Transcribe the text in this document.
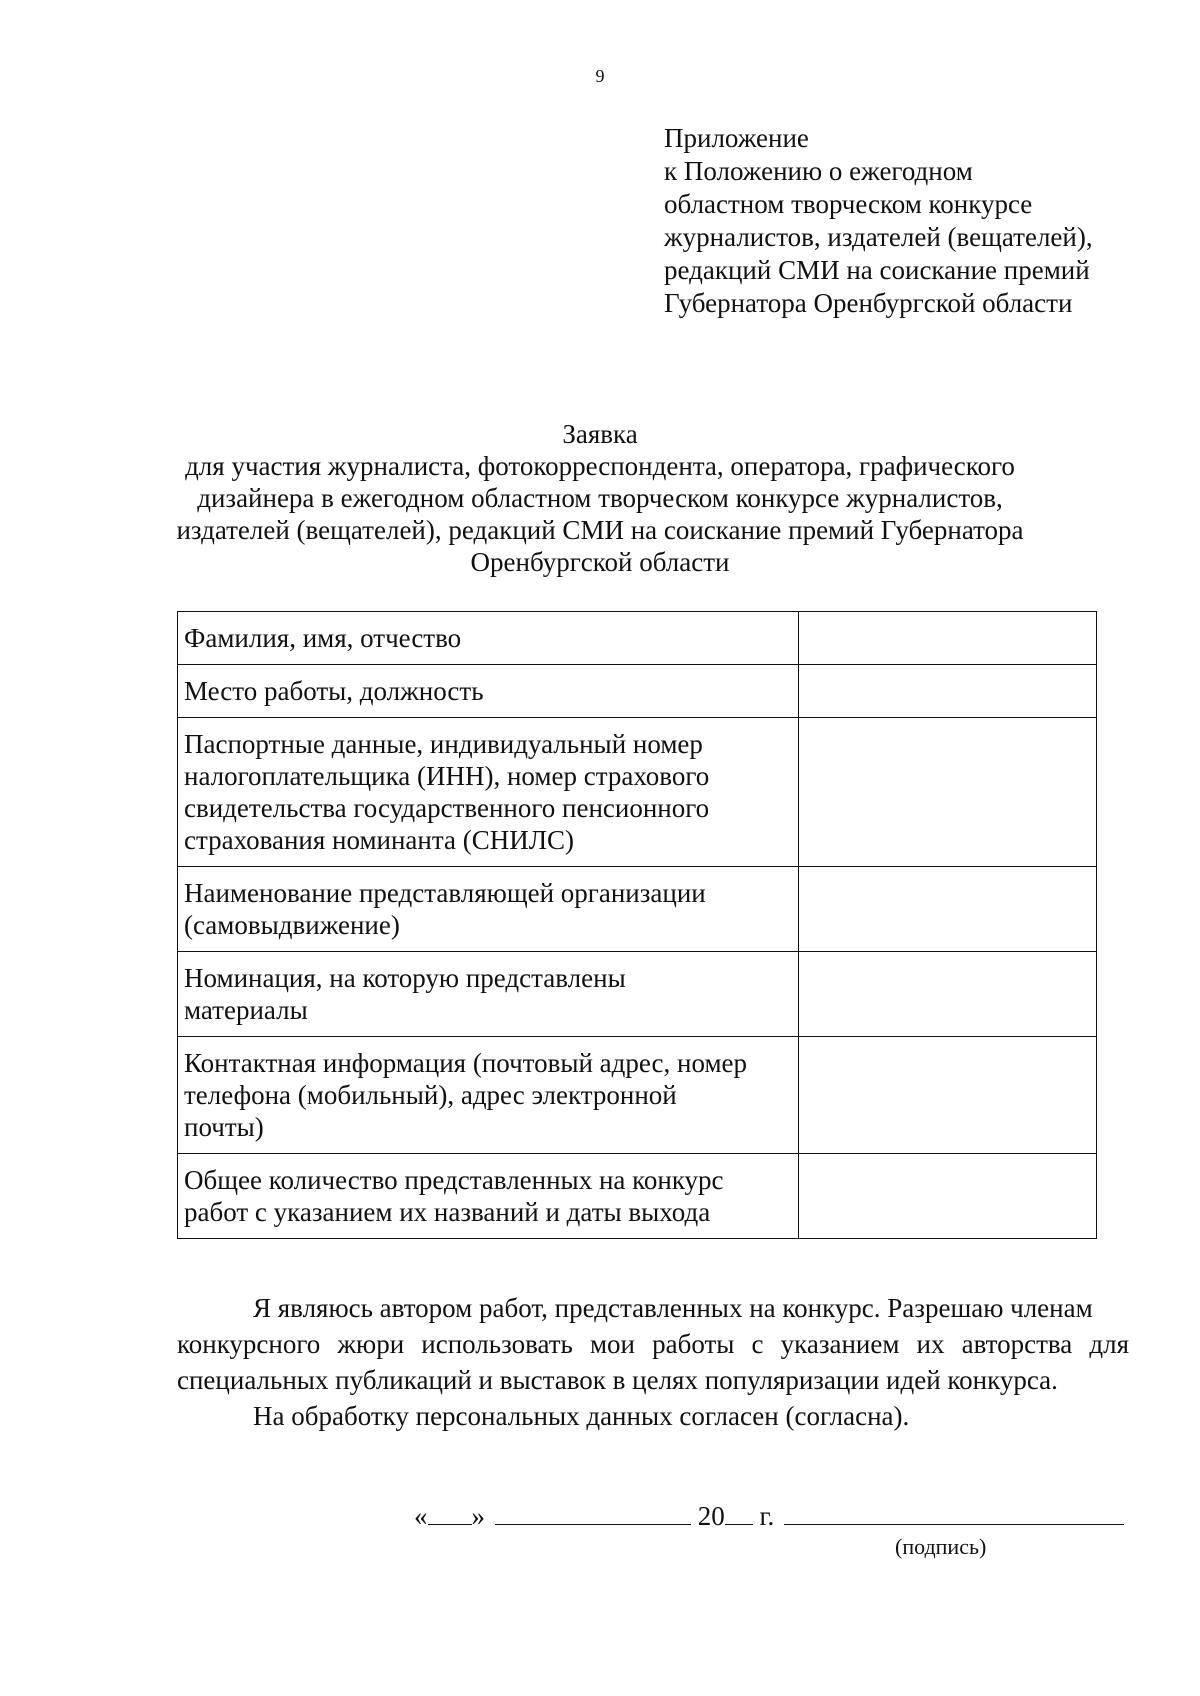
9
Приложение
к Положению о ежегодном
областном творческом конкурсе
журналистов, издателей (вещателей),
редакций СМИ на соискание премий
Губернатора Оренбургской области
Заявка
для участия журналиста, фотокорреспондента, оператора, графического
дизайнера в ежегодном областном творческом конкурсе журналистов,
издателей (вещателей), редакций СМИ на соискание премий Губернатора
Оренбургской области
Фамилия, имя, отчество	

Место работы, должность	

Паспортные данные, индивидуальный номер
налогоплательщика (ИНН), номер страхового
свидетельства государственного пенсионного
страхования номинанта (СНИЛС)	

Наименование представляющей организации
(самовыдвижение)	

Номинация, на которую представлены
материалы	

Контактная информация (почтовый адрес, номер
телефона (мобильный), адрес электронной
почты)	

Общее количество представленных на конкурс
работ с указанием их названий и даты выхода	

Я являюсь автором работ, представленных на конкурс. Разрешаю членам
конкурсного жюри использовать мои работы с указанием их авторства для
специальных публикаций и выставок в целях популяризации идей конкурса.
На обработку персональных данных согласен (согласна).
« »	20 г.
(подпись)
